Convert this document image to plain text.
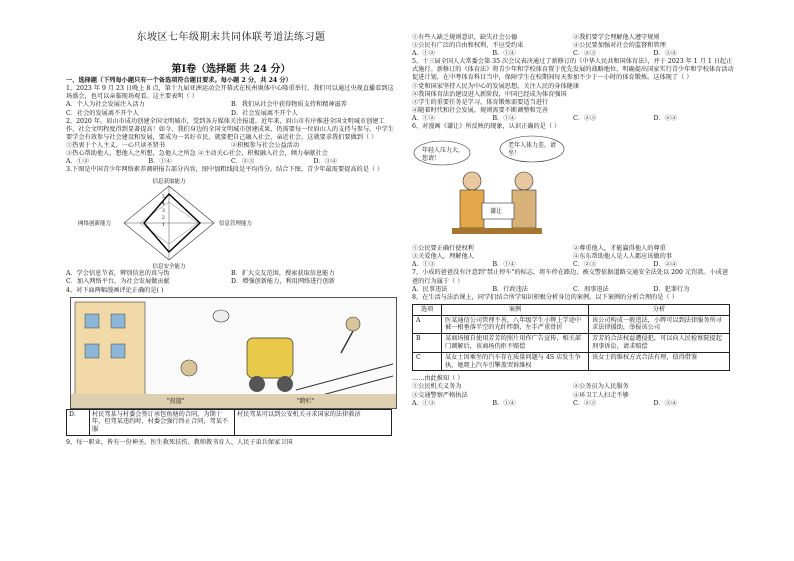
东坡区七年级期末共同体联考道法练习题
第Ⅰ卷（选择题 共 24 分）

一、选择题（下列每小题只有一个备选项符合题目要求。每小题 2 分，共 24 分）

1、2023 年 9 月 23 日晚上 8 点，第十九届亚洲运动会开幕式在杭州奥体中心隆重举行，我们可以通过央视直播看到这场盛会，也可以亲临现场观看。这主要表明（ ）

A．个人为社会发展注入活力	B．我们从社会中获得物质支持和精神滋养
C．社会的发展离不开个人	D．社会发展离不开个人

2、2020 年，眉山市成功创建全国文明城市，受到各方媒体关注报道。近年来，眉山市有序推进全国文明城市创建工作，社会文明程度得到显著提高！如今，我们身边的全国文明城市创建成果，仍需要每一位眉山人的支持与参与。中学生要学会有效参与社会建设和发展，要成为一名好市民，就要把自己融入社会，亲近社会。这就要求我们要做到（ ）

①热衷于个人主义，一心只读圣贤书	②积极参与社会公益活动

③热心帮助他人，想他人之所想，急他人之所急 ④主动关心社会，积极融入社会，倾力奉献社会

A．①②	B．①④	C．②③	D．③④

3.下图是中国青少年网络素养调研报告部分内容，图中加粗线段是平均得分。结合下图，青少年最需要提高的是（ ）

信息获取能力
信息管理能力
信息安全能力
网络创新能力
5
4
3
2
1
A．学会信息节省，辨别信息的真与伪	B．扩大交友范围，搜索获取信息能力
C．加入网络平台，为社会发展做贡献	D．增强创新能力，利用网络进行创新

4、对下面两幅漫画评论正确的是( )

"投篮"	"跨栏"
D．	村民驾某与村委会签订承包鱼塘的合同，为期十年，但驾某违约时，村委会强行终止合同，驾某不服	村民驾某可以到公安机关寻求国家的法律救济

9、每一职业，皆有一份神圣。医生救死扶伤、教师教书育人、人民子弟兵保家卫国

①有些人缺乏规则意识，缺失社会公德	②我们要学会理解他人遵守规则
③公民有广泛的自由和权利，不应受约束	④公民要加强对社会的监督和管理
A．①②	B．①④	C．②③	D．③④

5、十三届全国人大常委会第 35 次会议表决通过了新修订的《中华人民共和国体育法》，并于 2023 年 1 月 1 日起正式施行。新修订的《体育法》将青少年和学校体育置于优先发展的战略地位，明确提出国家实行青少年和学校体育活动促进计划，在中考体育科目当中，保障学生在校期间每天参加不少于一小时的体育锻炼。这体现了（ ）

①党和国家坚持人民为中心的发展思想，关注人民的身体健康

②我国体育法治建设进入新阶段，中国已经成为体育强国

③学生的重要任务是学习，体育锻炼需要适当进行

④随着时代和社会发展，规则需要不断调整和完善

A．①②	B．①④	C．②③	D．②④

6、对漫画《谦让》所反映的现象，认识正确的是（ ）

年轻人压力大，您请！
老年人体力差，请坐！
谦让
①公民要正确行使权利	②尊重他人，才能赢得他人的尊重
③关爱他人，理解他人	④东东帮助他人是人人都应该做的事
A．①③	B．①④	C．②③	D．②④

7、小成的爸爸没有注意到"禁止停车"的标志，将车停在路边，被交警依据道路交通安全法处以 200 元罚款。小成爸爸的行为属于（ ）

A．民事违法	B．行政违法	C．刑事违法	D．犯罪行为

8、在生活与法治课上，同学们结合所学知识积极分析身边的案例。以下案例的分析合理的是（ ）

选项	案例	分析
A	医某通信公司管理不善，八年级学生小辉上学途中被一根垂落半空的光纤绊倒，左手严重骨折	该公司构成一般违法，小辉可以到法律服务所寻求法律援助，举报该公司
B	某商场擅自使用芳芳的照片用作广告宣传，相关部门调解后，该商场仍拒不赔偿	芳芳的合法权益遭侵犯，可以向人民检察院提起刑事诉讼，请求赔偿
C	某女士因乘坐的汽车存在质量问题与 4S 店发生争执，她爬上汽车引擎盖哭诉维权	该女士的维权方式合法有理，值得借鉴

……由此推知（ ）

①公民机关义务为	②公务员为人民服务
③交通警察严格执法	④环卫工人扫走不够
A．①③	B．①④	C．②③	D．③④
